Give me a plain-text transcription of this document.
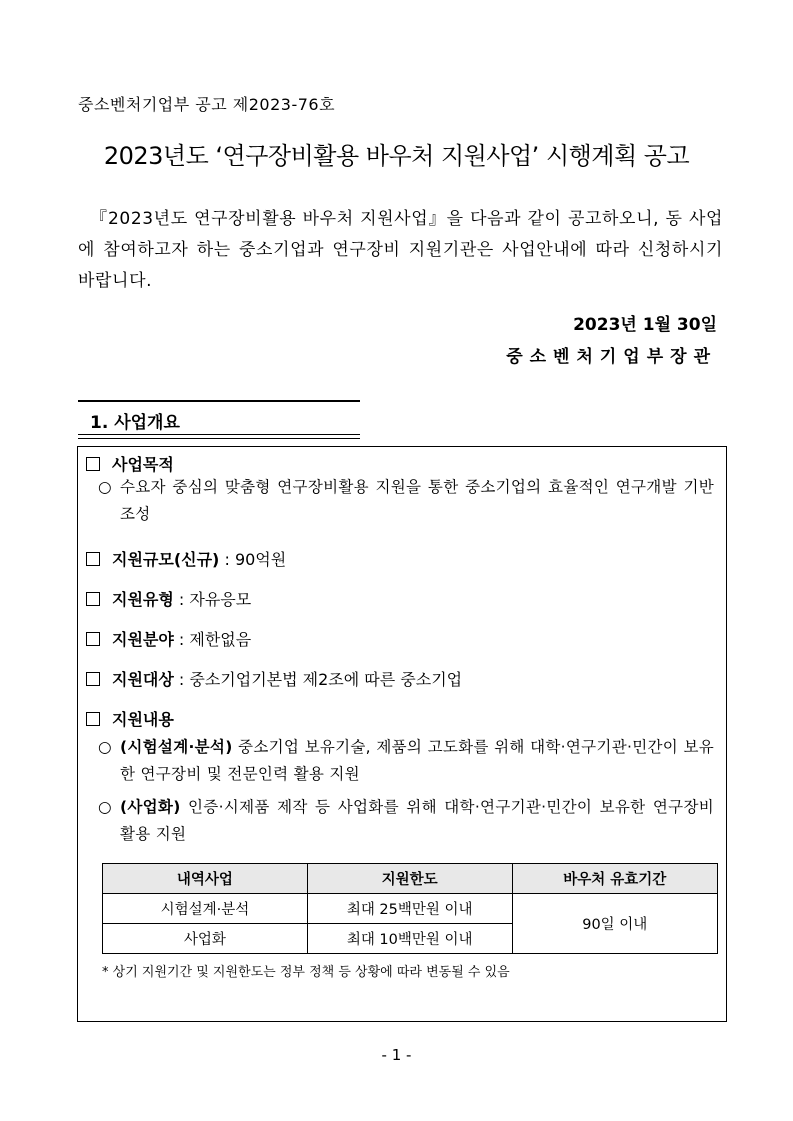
중소벤처기업부 공고 제2023-76호
2023년도 ‘연구장비활용 바우처 지원사업’ 시행계획 공고

『2023년도 연구장비활용 바우처 지원사업』을 다음과 같이 공고하오니, 동 사업에 참여하고자 하는 중소기업과 연구장비 지원기관은 사업안내에 따라 신청하시기 바랍니다.

2023년 1월 30일
중소벤처기업부장관
1. 사업개요
사업목적
○ 수요자 중심의 맞춤형 연구장비활용 지원을 통한 중소기업의 효율적인 연구개발 기반 조성
지원규모(신규) : 90억원
지원유형 : 자유응모
지원분야 : 제한없음
지원대상 : 중소기업기본법 제2조에 따른 중소기업
지원내용
○ (시험설계·분석) 중소기업 보유기술, 제품의 고도화를 위해 대학·연구기관·민간이 보유한 연구장비 및 전문인력 활용 지원
○ (사업화) 인증·시제품 제작 등 사업화를 위해 대학·연구기관·민간이 보유한 연구장비 활용 지원
내역사업	지원한도	바우처 유효기간
시험설계·분석	최대 25백만원 이내	90일 이내
사업화	최대 10백만원 이내	
* 상기 지원기간 및 지원한도는 정부 정책 등 상황에 따라 변동될 수 있음
- 1 -
